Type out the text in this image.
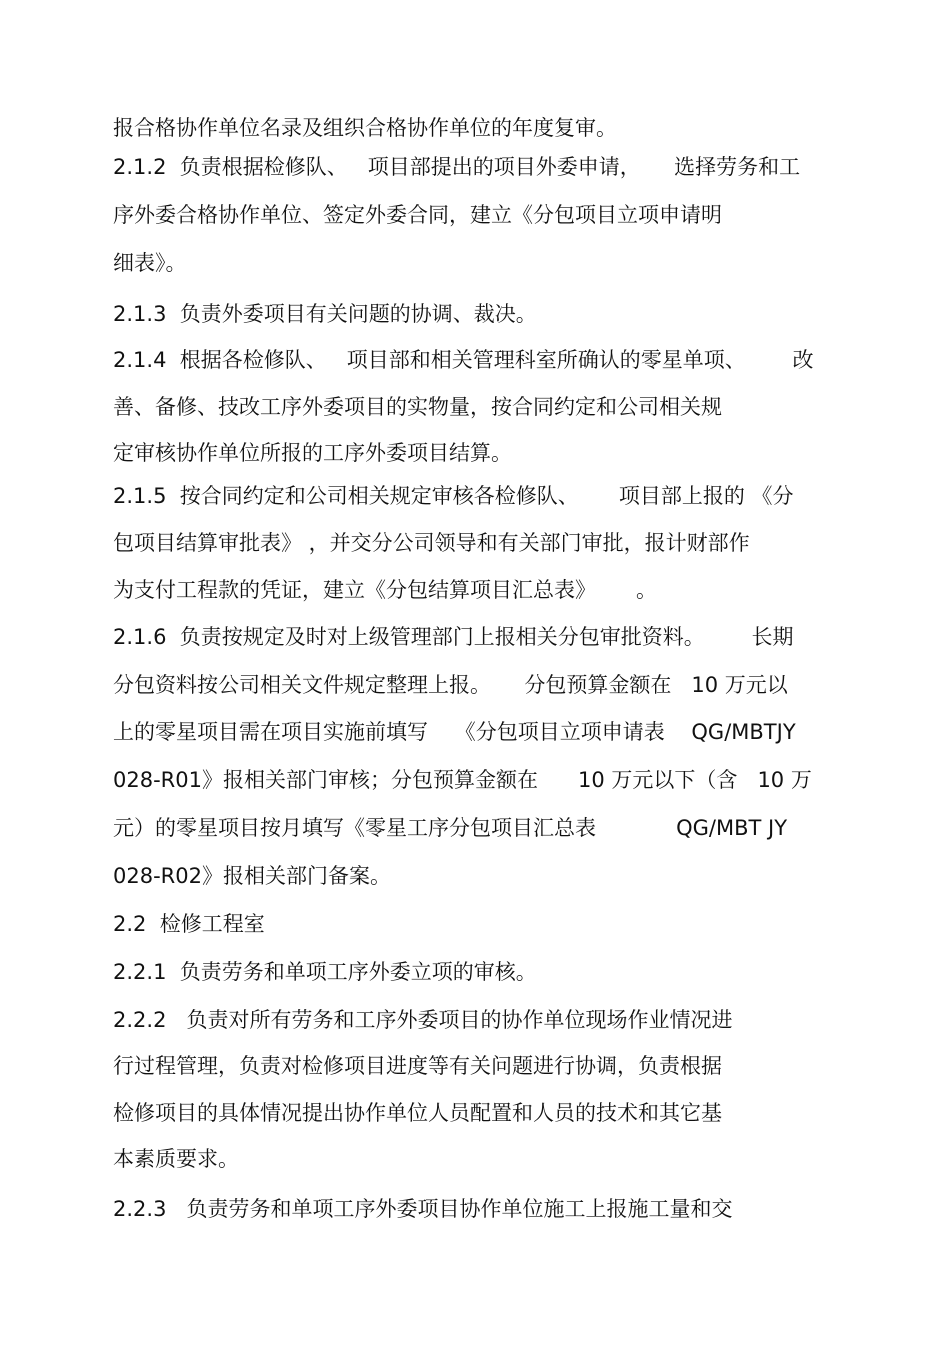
报合格协作单位名录及组织合格协作单位的年度复审。
2.1.2  负责根据检修队、   项目部提出的项目外委申请，     选择劳务和工
序外委合格协作单位、签定外委合同，建立《分包项目立项申请明
细表》。
2.1.3  负责外委项目有关问题的协调、裁决。
2.1.4  根据各检修队、   项目部和相关管理科室所确认的零星单项、       改
善、备修、技改工序外委项目的实物量，按合同约定和公司相关规
定审核协作单位所报的工序外委项目结算。
2.1.5  按合同约定和公司相关规定审核各检修队、      项目部上报的 《分
包项目结算审批表》 ，并交分公司领导和有关部门审批，报计财部作
为支付工程款的凭证，建立《分包结算项目汇总表》      。
2.1.6  负责按规定及时对上级管理部门上报相关分包审批资料。       长期
分包资料按公司相关文件规定整理上报。     分包预算金额在   10 万元以
上的零星项目需在项目实施前填写    《分包项目立项申请表    QG/MBTJY
028-R01》报相关部门审核；分包预算金额在      10 万元以下（含   10 万
元）的零星项目按月填写《零星工序分包项目汇总表            QG/MBT JY
028-R02》报相关部门备案。
2.2  检修工程室
2.2.1  负责劳务和单项工序外委立项的审核。
2.2.2   负责对所有劳务和工序外委项目的协作单位现场作业情况进
行过程管理，负责对检修项目进度等有关问题进行协调，负责根据
检修项目的具体情况提出协作单位人员配置和人员的技术和其它基
本素质要求。
2.2.3   负责劳务和单项工序外委项目协作单位施工上报施工量和交
